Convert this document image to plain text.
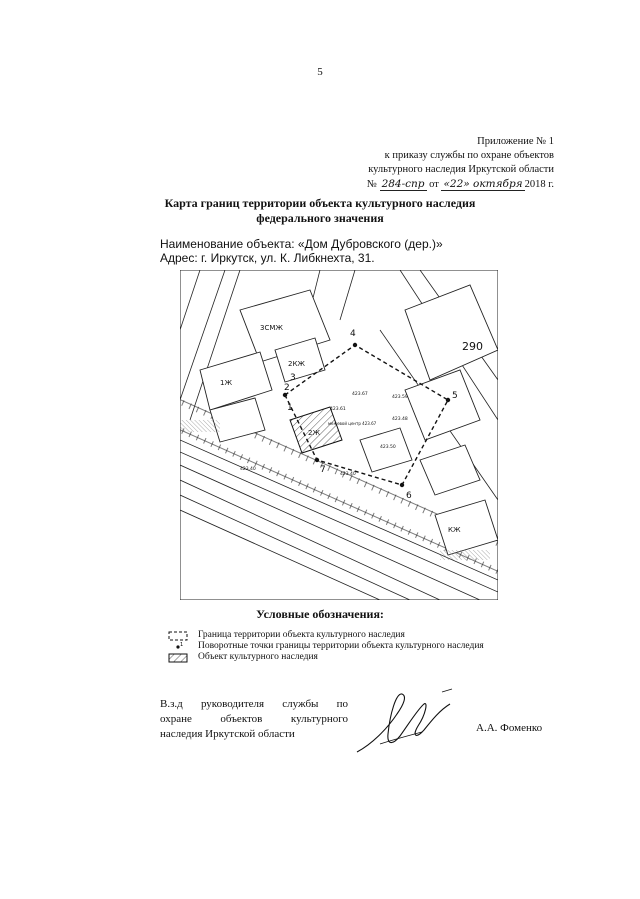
5
Приложение № 1
к приказу службы по охране объектов
культурного наследия Иркутской области
№ 284-спр от «22» октября 2018 г.
Карта границ территории объекта культурного наследия
федерального значения
Наименование объекта: «Дом Дубровского (дер.)»
Адрес: г. Иркутск, ул. К. Либкнехта, 31.
1
2
3
4
5
6
7
290
3СМЖ
2КЖ
2Ж
1Ж
КЖ
423.67
423.59
423.48
423.50
423.61
423.40
423.40
межевой центр 423.67
Условные обозначения:
Граница территории объекта культурного наследия
1 Поворотные точки границы территории объекта культурного наследия
Объект культурного наследия
В.з.д руководителя службы по
охране объектов культурного
наследия Иркутской области	А.А. Фоменко
